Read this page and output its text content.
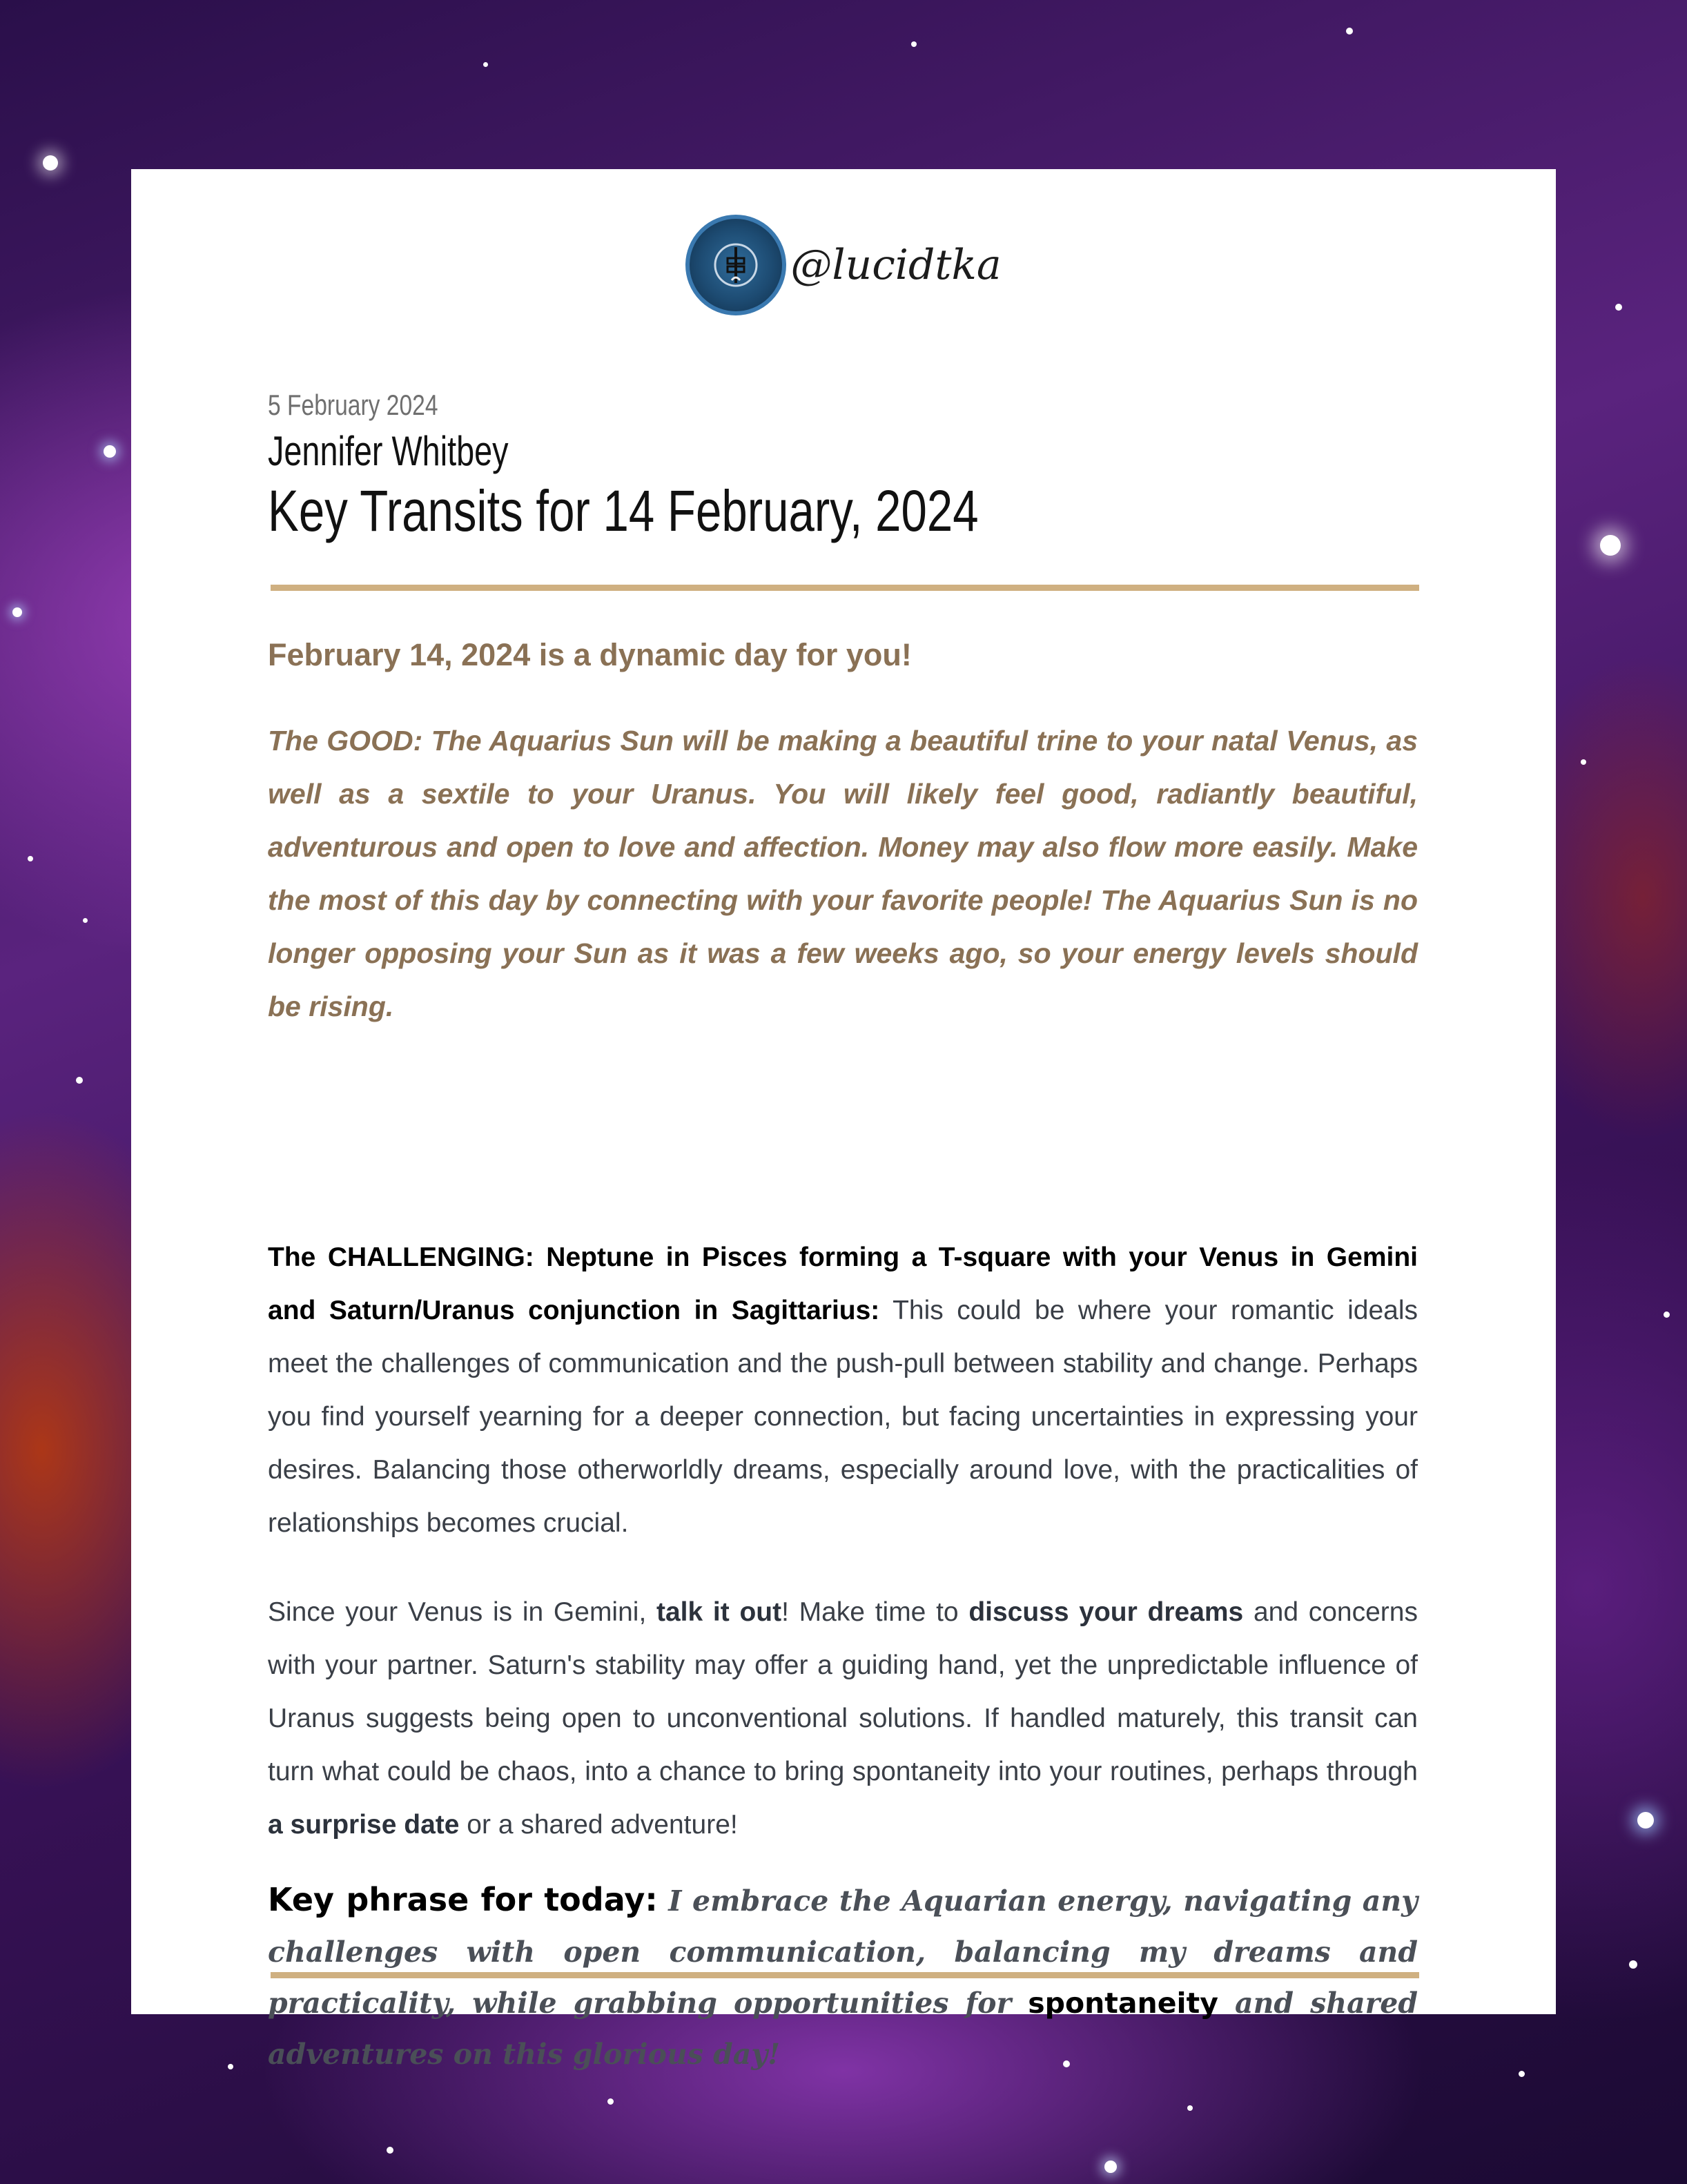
@lucidtka
5 February 2024
Jennifer Whitbey
Key Transits for 14 February, 2024
February 14, 2024 is a dynamic day for you!
The GOOD: The Aquarius Sun will be making a beautiful trine to your natal Venus, as well as a sextile to your Uranus. You will likely feel good, radiantly beautiful, adventurous and open to love and affection. Money may also flow more easily. Make the most of this day by connecting with your favorite people! The Aquarius Sun is no longer opposing your Sun as it was a few weeks ago, so your energy levels should be rising.
The CHALLENGING: Neptune in Pisces forming a T-square with your Venus in Gemini and Saturn/Uranus conjunction in Sagittarius: This could be where your romantic ideals meet the challenges of communication and the push-pull between stability and change. Perhaps you find yourself yearning for a deeper connection, but facing uncertainties in expressing your desires. Balancing those otherworldly dreams, especially around love, with the practicalities of relationships becomes crucial.
Since your Venus is in Gemini, talk it out! Make time to discuss your dreams and concerns with your partner. Saturn's stability may offer a guiding hand, yet the unpredictable influence of Uranus suggests being open to unconventional solutions. If handled maturely, this transit can turn what could be chaos, into a chance to bring spontaneity into your routines, perhaps through a surprise date or a shared adventure!
Key phrase for today: I embrace the Aquarian energy, navigating any challenges with open communication, balancing my dreams and practicality, while grabbing opportunities for spontaneity and shared adventures on this glorious day!
